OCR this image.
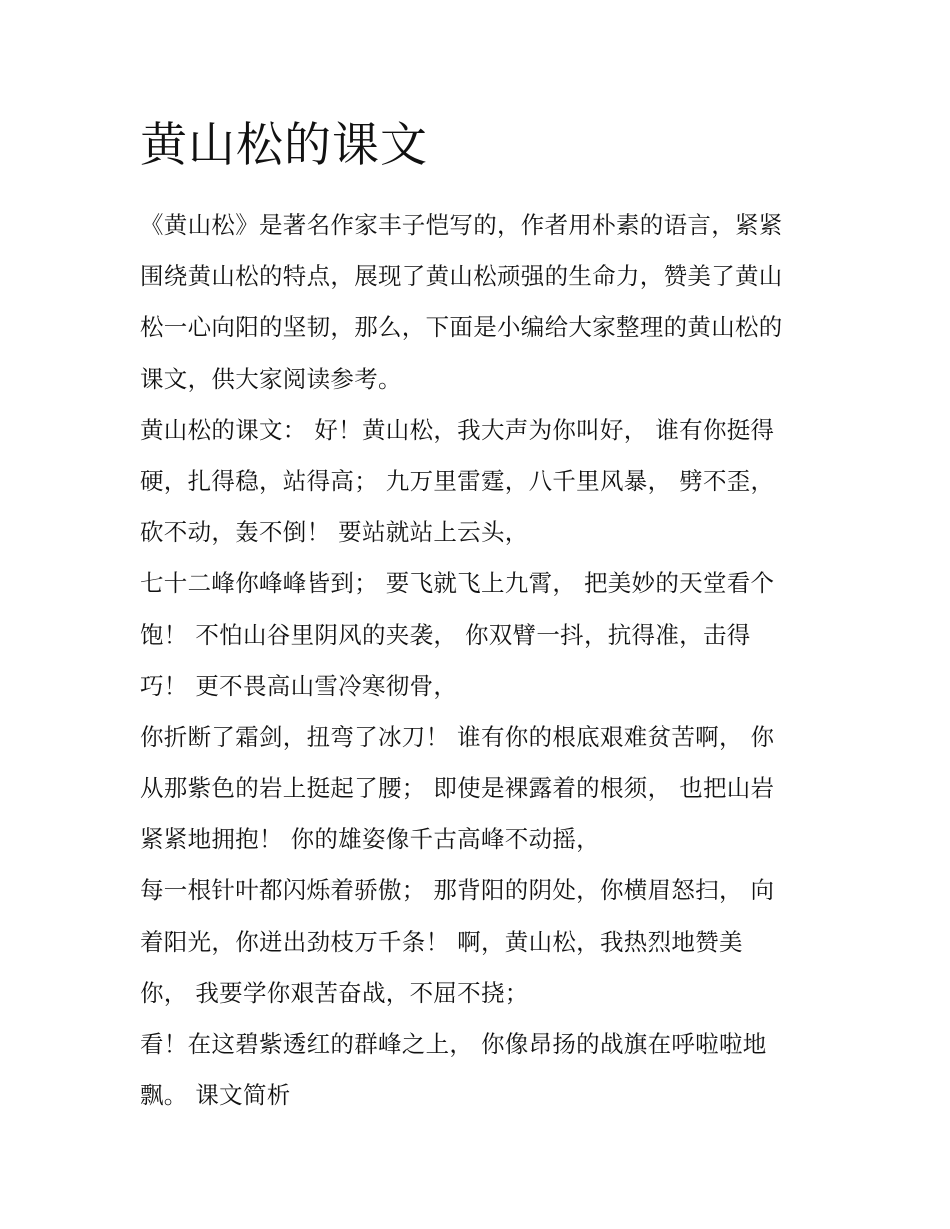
黄山松的课文
《黄山松》是著名作家丰子恺写的，作者用朴素的语言，紧紧
围绕黄山松的特点，展现了黄山松顽强的生命力，赞美了黄山
松一心向阳的坚韧，那么，下面是小编给大家整理的黄山松的
课文，供大家阅读参考。
黄山松的课文： 好！黄山松，我大声为你叫好， 谁有你挺得
硬，扎得稳，站得高； 九万里雷霆，八千里风暴， 劈不歪，
砍不动，轰不倒！ 要站就站上云头，
七十二峰你峰峰皆到； 要飞就飞上九霄， 把美妙的天堂看个
饱！ 不怕山谷里阴风的夹袭， 你双臂一抖，抗得准，击得
巧！ 更不畏高山雪冷寒彻骨，
你折断了霜剑，扭弯了冰刀！ 谁有你的根底艰难贫苦啊， 你
从那紫色的岩上挺起了腰； 即使是裸露着的根须， 也把山岩
紧紧地拥抱！ 你的雄姿像千古高峰不动摇，
每一根针叶都闪烁着骄傲； 那背阳的阴处，你横眉怒扫， 向
着阳光，你迸出劲枝万千条！ 啊，黄山松，我热烈地赞美
你， 我要学你艰苦奋战，不屈不挠；
看！在这碧紫透红的群峰之上， 你像昂扬的战旗在呼啦啦地
飘。 课文简析
